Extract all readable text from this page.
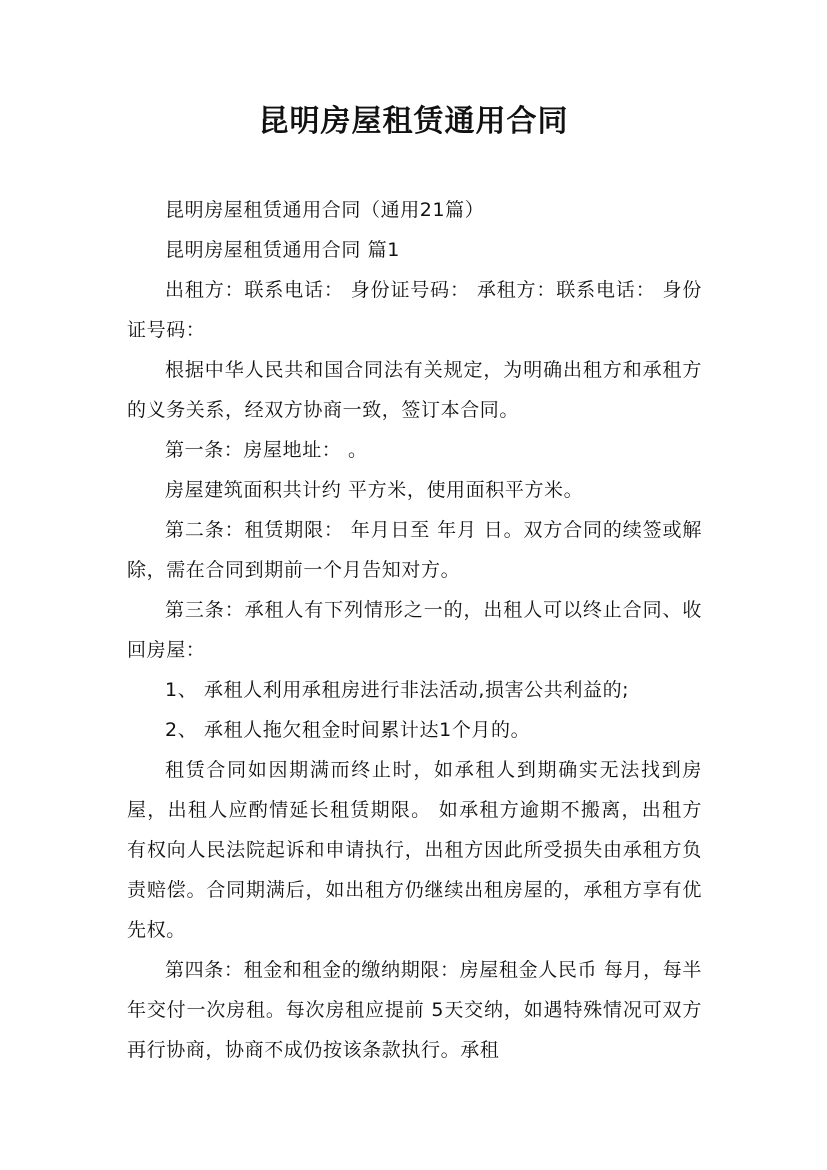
昆明房屋租赁通用合同

昆明房屋租赁通用合同（通用21篇）

昆明房屋租赁通用合同 篇1

出租方：联系电话： 身份证号码： 承租方：联系电话： 身份证号码：

根据中华人民共和国合同法有关规定，为明确出租方和承租方的义务关系，经双方协商一致，签订本合同。

第一条：房屋地址： 。

房屋建筑面积共计约 平方米，使用面积平方米。

第二条：租赁期限： 年月日至 年月 日。双方合同的续签或解除，需在合同到期前一个月告知对方。

第三条：承租人有下列情形之一的，出租人可以终止合同、收回房屋：

1、 承租人利用承租房进行非法活动,损害公共利益的;

2、 承租人拖欠租金时间累计达1个月的。

租赁合同如因期满而终止时，如承租人到期确实无法找到房屋，出租人应酌情延长租赁期限。 如承租方逾期不搬离，出租方有权向人民法院起诉和申请执行，出租方因此所受损失由承租方负责赔偿。合同期满后，如出租方仍继续出租房屋的，承租方享有优先权。

第四条：租金和租金的缴纳期限：房屋租金人民币 每月，每半年交付一次房租。每次房租应提前 5天交纳，如遇特殊情况可双方再行协商，协商不成仍按该条款执行。承租
